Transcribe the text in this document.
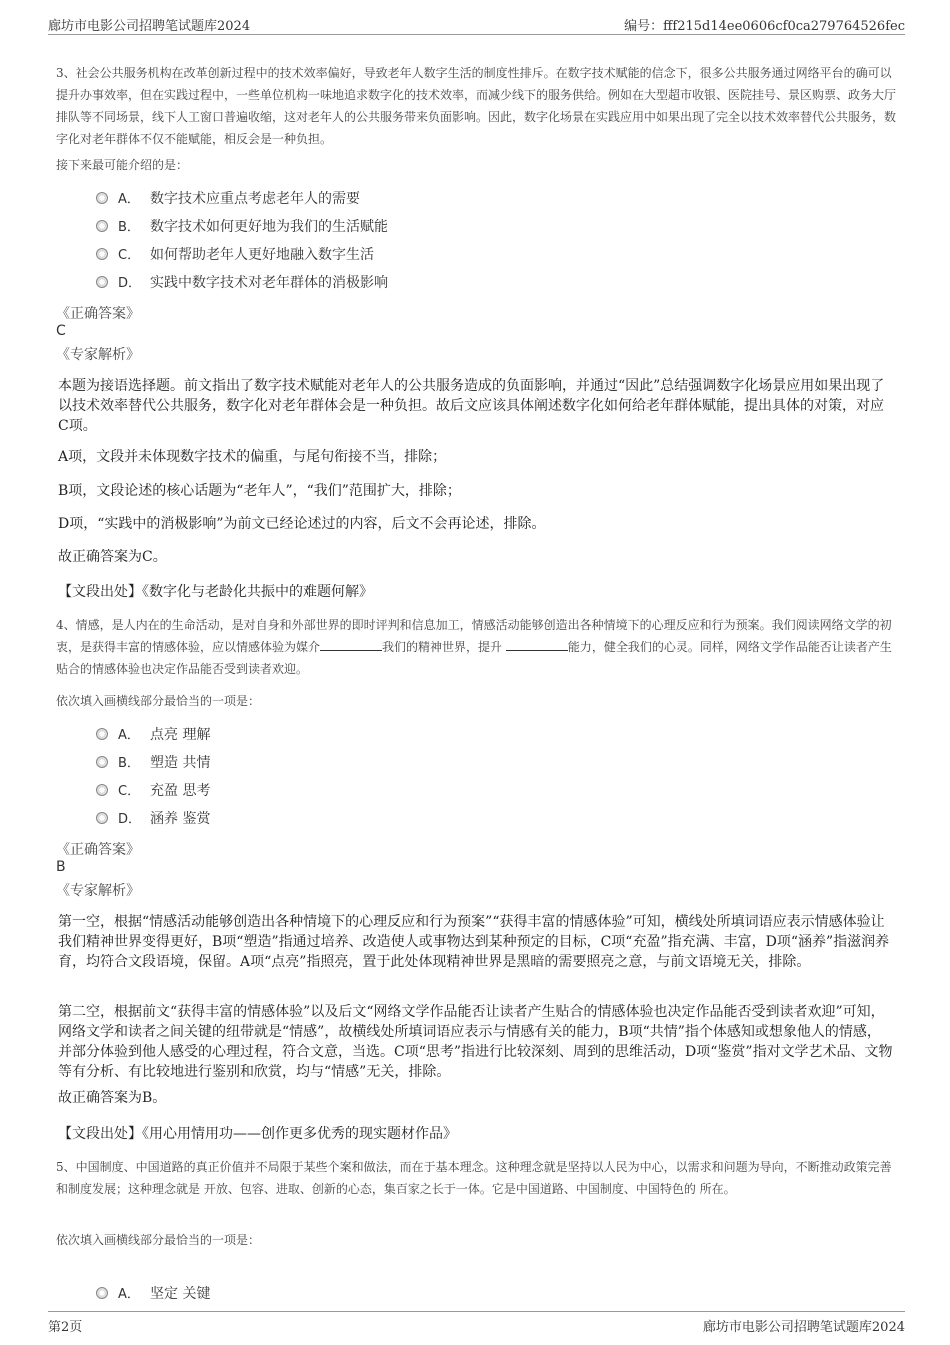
廊坊市电影公司招聘笔试题库2024	编号：fff215d14ee0606cf0ca279764526fec
3、社会公共服务机构在改革创新过程中的技术效率偏好，导致老年人数字生活的制度性排斥。在数字技术赋能的信念下，很多公共服务通过网络平台的确可以提升办事效率，但在实践过程中，一些单位机构一味地追求数字化的技术效率，而减少线下的服务供给。例如在大型超市收银、医院挂号、景区购票、政务大厅排队等不同场景，线下人工窗口普遍收缩，这对老年人的公共服务带来负面影响。因此，数字化场景在实践应用中如果出现了完全以技术效率替代公共服务，数字化对老年群体不仅不能赋能，相反会是一种负担。
接下来最可能介绍的是：
A． 数字技术应重点考虑老年人的需要
B． 数字技术如何更好地为我们的生活赋能
C． 如何帮助老年人更好地融入数字生活
D． 实践中数字技术对老年群体的消极影响
《正确答案》
C
《专家解析》
本题为接语选择题。前文指出了数字技术赋能对老年人的公共服务造成的负面影响，并通过“因此”总结强调数字化场景应用如果出现了以技术效率替代公共服务，数字化对老年群体会是一种负担。故后文应该具体阐述数字化如何给老年群体赋能，提出具体的对策，对应C项。
A项，文段并未体现数字技术的偏重，与尾句衔接不当，排除；
B项，文段论述的核心话题为“老年人”，“我们”范围扩大，排除；
D项，“实践中的消极影响”为前文已经论述过的内容，后文不会再论述，排除。
故正确答案为C。
【文段出处】《数字化与老龄化共振中的难题何解》
4、情感，是人内在的生命活动，是对自身和外部世界的即时评判和信息加工，情感活动能够创造出各种情境下的心理反应和行为预案。我们阅读网络文学的初衷，是获得丰富的情感体验，应以情感体验为媒介	我们的精神世界，提升	能力，健全我们的心灵。同样，网络文学作品能否让读者产生贴合的情感体验也决定作品能否受到读者欢迎。
依次填入画横线部分最恰当的一项是：
A． 点亮 理解
B． 塑造 共情
C． 充盈 思考
D． 涵养 鉴赏
《正确答案》
B
《专家解析》
第一空，根据“情感活动能够创造出各种情境下的心理反应和行为预案”“获得丰富的情感体验”可知，横线处所填词语应表示情感体验让我们精神世界变得更好，B项“塑造”指通过培养、改造使人或事物达到某种预定的目标，C项“充盈”指充满、丰富，D项“涵养”指滋润养育，均符合文段语境，保留。A项“点亮”指照亮，置于此处体现精神世界是黑暗的需要照亮之意，与前文语境无关，排除。
第二空，根据前文“获得丰富的情感体验”以及后文“网络文学作品能否让读者产生贴合的情感体验也决定作品能否受到读者欢迎”可知，网络文学和读者之间关键的纽带就是“情感”，故横线处所填词语应表示与情感有关的能力，B项“共情”指个体感知或想象他人的情感，并部分体验到他人感受的心理过程，符合文意，当选。C项“思考”指进行比较深刻、周到的思维活动，D项“鉴赏”指对文学艺术品、文物等有分析、有比较地进行鉴别和欣赏，均与“情感”无关，排除。
故正确答案为B。
【文段出处】《用心用情用功——创作更多优秀的现实题材作品》
5、中国制度、中国道路的真正价值并不局限于某些个案和做法，而在于基本理念。这种理念就是坚持以人民为中心，以需求和问题为导向，不断推动政策完善和制度发展；这种理念就是 开放、包容、进取、创新的心态，集百家之长于一体。它是中国道路、中国制度、中国特色的 所在。
依次填入画横线部分最恰当的一项是：
A． 坚定 关键
第2页	廊坊市电影公司招聘笔试题库2024
